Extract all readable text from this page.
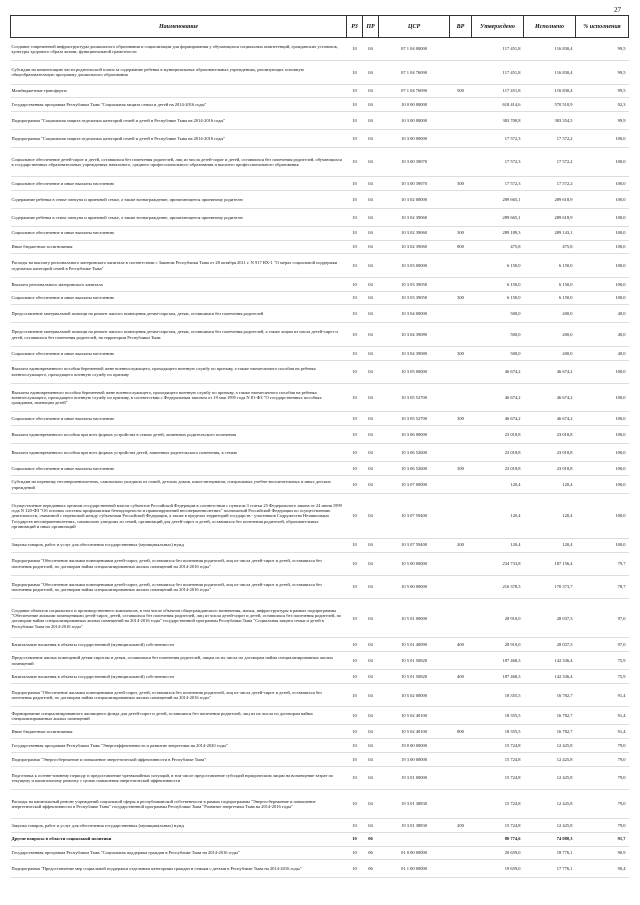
27
Наименование	РЗ	ПР	ЦСР	ВР	Утверждено	Исполнено	% исполнения
Создание современной инфраструктуры дошкольного образования и социализации для формирования у обучающихся социальных компетенций, гражданских установок, культуры здорового образа жизни, функциональной грамотности	10	04	07 1 04 00000		117 451,8	116 830,4	99,5
Субсидии на компенсацию части родительской платы за содержание ребенка в муниципальных образовательных учреждениях, реализующих основную общеобразовательную программу дошкольного образования	10	04	07 1 04 76090		117 451,8	116 830,4	99,5
Межбюджетные трансферты	10	04	07 1 04 76090	500	117 451,8	116 830,4	99,5
Государственная программа Республики Тыва "Социальная защита семьи и детей на 2014-2016 годы"	10	04	10 0 00 00000		618 414,6	570 510,9	92,3
Подпрограмма "Социальная защита отдельных категорий семей и детей в Республике Тыва на 2014-2016 годы"	10	04	10 3 00 00000		383 700,8	383 354,5	99,9
Подпрограмма "Социальная защита отдельных категорий семей и детей в Республике Тыва на 2014-2016 годы"	10	04	10 3 00 00000		17 572,3	17 572,2	100,0
Социальное обеспечение детей-сирот и детей, оставшихся без попечения родителей, лиц из числа детей-сирот и детей, оставшихся без попечения родителей, обучающихся в государственных образовательных учреждениях начального, среднего профессионального образования и высшего профессионального образования	10	04	10 3 00 39070		17 572,3	17 572,2	100,0
Социальное обеспечение и иные выплаты населению	10	04	10 3 00 39070	300	17 572,3	17 572,2	100,0
Содержание ребенка в семье опекуна и приемной семье, а также вознаграждение, причитающееся приемному родителю	10	04	10 3 02 00000		289 665,1	289 618,9	100,0
Содержание ребенка в семье опекуна и приемной семье, а также вознаграждение, причитающееся приемному родителю	10	04	10 3 02 39060		289 665,1	289 618,9	100,0
Социальное обеспечение и иные выплаты населению	10	04	10 3 02 39060	300	289 189,3	289 143,1	100,0
Иные бюджетные ассигнования	10	04	10 3 02 39060	800	475,8	475,8	100,0
Расходы на выплату регионального материнского капитала в соответствии с Законом Республики Тыва от 28 октября 2011 г. N 917 ВХ-1 "О мерах социальной поддержки отдельных категорий семей в Республике Тыва"	10	04	10 3 03 00000		6 150,0	6 150,0	100,0
Выплата регионального материнского капитала	10	04	10 3 03 39050		6 150,0	6 150,0	100,0
Социальное обеспечение и иные выплаты населению	10	04	10 3 03 39050	300	6 150,0	6 150,0	100,0
Предоставление материальной помощи на ремонт жилого помещения детям-сиротам, детям, оставшимся без попечения родителей	10	04	10 3 04 00000		500,0	200,0	40,0
Предоставление материальной помощи на ремонт жилого помещения детям-сиротам, детям, оставшимся без попечения родителей, а также лицам из числа детей-сирот и детей, оставшихся без попечения родителей, на территории Республики Тыва	10	04	10 3 04 39080		500,0	200,0	40,0
Социальное обеспечение и иные выплаты населению	10	04	10 3 04 39080	300	500,0	200,0	40,0
Выплата единовременного пособия беременной жене военнослужащего, проходящего военную службу по призыву, а также ежемесячного пособия на ребенка военнослужащего, проходящего военную службу по призыву	10	04	10 3 05 00000		46 674,2	46 674,2	100,0
Выплаты единовременного пособия беременной жене военнослужащего, проходящего военную службу по призыву, а также ежемесячного пособия на ребенка военнослужащего, проходящего военную службу по призыву, в соответствии с Федеральным законом от 19 мая 1995 года N 81-ФЗ "О государственных пособиях гражданам, имеющим детей"	10	04	10 3 05 52700		46 674,2	46 674,2	100,0
Социальное обеспечение и иные выплаты населению	10	04	10 3 05 52700	300	46 674,2	46 674,2	100,0
Выплата единовременного пособия при всех формах устройства в семью детей, лишенных родительского попечения	10	04	10 3 06 00000		23 018,8	23 018,8	100,0
Выплата единовременного пособия при всех формах устройства детей, лишенных родительского попечения, в семью	10	04	10 3 06 52600		23 018,8	23 018,8	100,0
Социальное обеспечение и иные выплаты населению	10	04	10 3 06 52600	300	23 018,8	23 018,8	100,0
Субсидии на перевозку несовершеннолетних, самовольно ушедших из семей, детских домов, школ-интернатов, специальных учебно-воспитательных и иных детских учреждений	10	04	10 3 07 00000		120,4	120,4	100,0
Осуществление переданных органам государственной власти субъектов Российской Федерации в соответствии с пунктом 3 статьи 25 Федерального закона от 24 июня 1999 года N 120-ФЗ "Об основах системы профилактики безнадзорности и правонарушений несовершеннолетних" полномочий Российской Федерации по осуществлению деятельности, связанной с перевозкой между субъектами Российской Федерации, а также в пределах территорий государств - участников Содружества Независимых Государств несовершеннолетних, самовольно ушедших из семей, организаций для детей-сирот и детей, оставшихся без попечения родителей, образовательных организаций и иных организаций	10	04	10 3 07 59400		120,4	120,4	100,0
Закупка товаров, работ и услуг для обеспечения государственных (муниципальных) нужд	10	04	10 3 07 59400	200	120,4	120,4	100,0
Подпрограмма "Обеспечение жилыми помещениями детей-сирот, детей, оставшихся без попечения родителей, лиц из числа детей-сирот и детей, оставшихся без попечения родителей, по договорам найма специализированных жилых помещений на 2014-2016 годы"	10	04	10 5 00 00000		234 733,8	187 156,4	79,7
Подпрограмма "Обеспечение жилыми помещениями детей-сирот, детей, оставшихся без попечения родителей, лиц из числа детей-сирот и детей, оставшихся без попечения родителей, по договорам найма специализированных жилых помещений на 2014-2016 годы"	10	04	10 5 00 00000		216 378,3	170 373,7	78,7
Создание объектов социального и производственного комплексов, в том числе объектов общегражданского назначения, жилья, инфраструктуры в рамках подпрограммы "Обеспечение жилыми помещениями детей-сирот, детей, оставшихся без попечения родителей, лиц из числа детей-сирот и детей, оставшихся без попечения родителей, по договорам найма специализированных жилых помещений на 2014-2016 годы" государственной программы Республики Тыва "Социальная защита семьи и детей в Республике Тыва на 2014-2016 годы"	10	04	10 5 01 00000		28 910,0	28 037,3	97,0
Капитальные вложения в объекты государственной (муниципальной) собственности	10	04	10 5 01 40090	400	28 910,0	28 037,3	97,0
Предоставление жилых помещений детям-сиротам и детям, оставшимся без попечения родителей, лицам из их числа по договорам найма специализированных жилых помещений	10	04	10 5 01 50820		187 468,3	142 336,4	75,9
Капитальные вложения в объекты государственной (муниципальной) собственности	10	04	10 5 01 50820	400	187 468,3	142 336,4	75,9
Подпрограмма "Обеспечение жилыми помещениями детей-сирот, детей, оставшихся без попечения родителей, лиц из числа детей-сирот и детей, оставшихся без попечения родителей, по договорам найма специализированных жилых помещений на 2014-2016 годы"	10	04	10 5 02 00000		18 355,5	16 782,7	91,4
Формирование специализированного жилищного фонда для детей-сирот и детей, оставшихся без попечения родителей, лиц из их числа по договорам найма специализированных жилых помещений	10	04	10 5 02 40100		18 355,5	16 782,7	91,4
Иные бюджетные ассигнования	10	04	10 5 02 40100	800	18 355,5	16 782,7	91,4
Государственная программа Республики Тыва "Энергоэффективность и развитие энергетики на 2014-2020 годы"	10	04	19 0 00 00000		15 724,8	12 425,8	79,0
Подпрограмма "Энергосбережение и повышение энергетической эффективности в Республике Тыва"	10	04	19 3 00 00000		15 724,8	12 425,8	79,0
Подготовка к осенне-зимнему периоду и предоставление чрезвычайных ситуаций, в том числе предоставление субсидий юридическим лицам на возмещение затрат по текущему и капитальному ремонту с целью повышения энергетической эффективности	10	04	19 3 01 00000		15 724,8	12 425,8	79,0
Расходы на капитальный ремонт учреждений социальной сферы и республиканской собственности в рамках подпрограммы "Энергосбережение и повышение энергетической эффективности в Республике Тыва" государственной программы Республики Тыва "Развитие энергетики Тыва на 2014-2016 годы"	10	04	19 3 01 38830		15 724,8	12 425,8	79,0
Закупка товаров, работ и услуг для обеспечения государственных (муниципальных) нужд	10	04	19 3 01 38830	200	15 724,8	12 425,8	79,0
Другие вопросы в области социальной политики	10	06			80 774,6	74 080,3	91,7
Государственная программа Республики Тыва "Социальная поддержка граждан в Республике Тыва на 2014-2016 годы"	10	06	01 0 00 00000		20 659,0	18 776,1	90,9
Подпрограмма "Предоставление мер социальной поддержки отдельным категориям граждан и семьям с детьми в Республике Тыва на 2014-2016 годы"	10	06	01 1 00 00000		19 659,0	17 776,1	90,4
